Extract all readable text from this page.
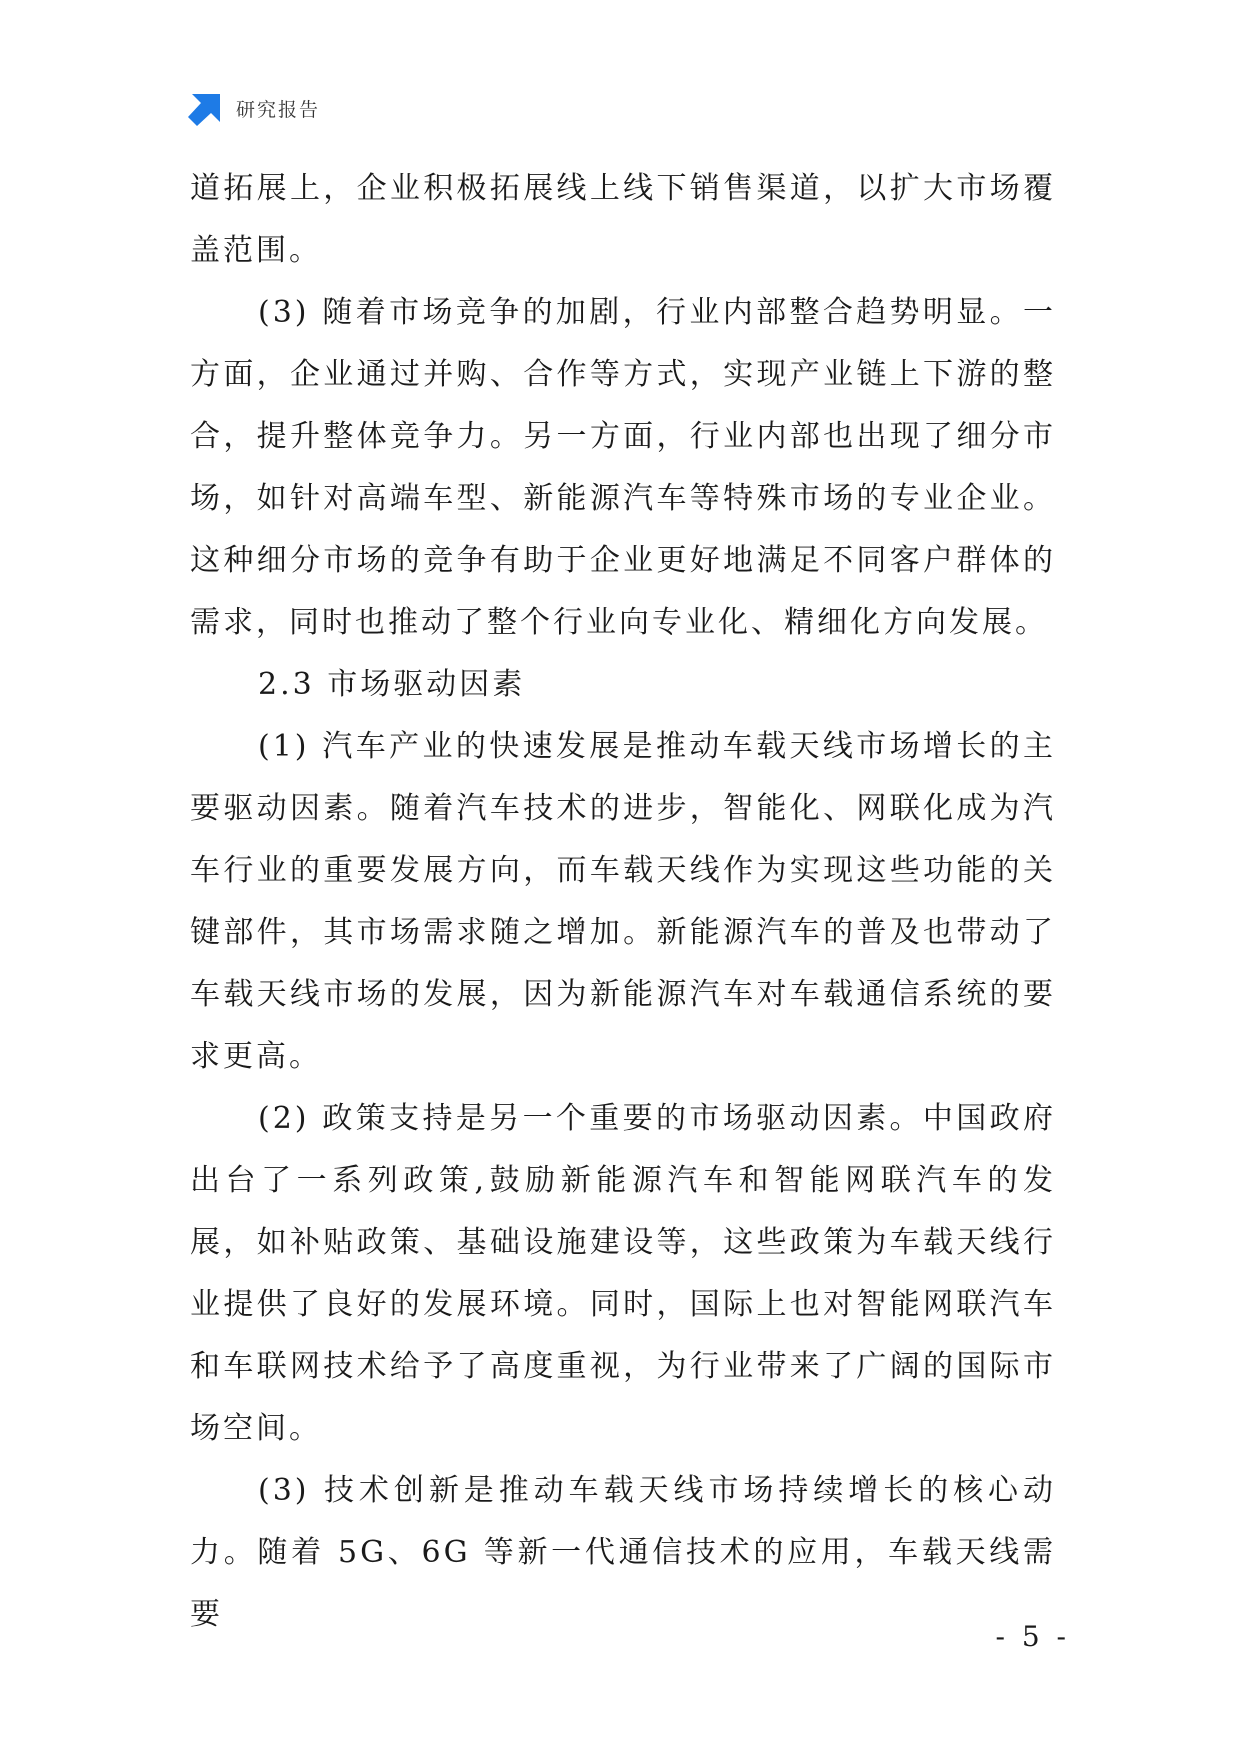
研究报告

道拓展上，企业积极拓展线上线下销售渠道，以扩大市场覆盖范围。

(3) 随着市场竞争的加剧，行业内部整合趋势明显。一方面，企业通过并购、合作等方式，实现产业链上下游的整合，提升整体竞争力。另一方面，行业内部也出现了细分市场，如针对高端车型、新能源汽车等特殊市场的专业企业。这种细分市场的竞争有助于企业更好地满足不同客户群体的需求，同时也推动了整个行业向专业化、精细化方向发展。

2.3 市场驱动因素

(1) 汽车产业的快速发展是推动车载天线市场增长的主要驱动因素。随着汽车技术的进步，智能化、网联化成为汽车行业的重要发展方向，而车载天线作为实现这些功能的关键部件，其市场需求随之增加。新能源汽车的普及也带动了车载天线市场的发展，因为新能源汽车对车载通信系统的要求更高。

(2) 政策支持是另一个重要的市场驱动因素。中国政府出台了一系列政策,鼓励新能源汽车和智能网联汽车的发展，如补贴政策、基础设施建设等，这些政策为车载天线行业提供了良好的发展环境。同时，国际上也对智能网联汽车和车联网技术给予了高度重视，为行业带来了广阔的国际市场空间。

(3) 技术创新是推动车载天线市场持续增长的核心动力。随着 5G、6G 等新一代通信技术的应用，车载天线需要

- 5 -
